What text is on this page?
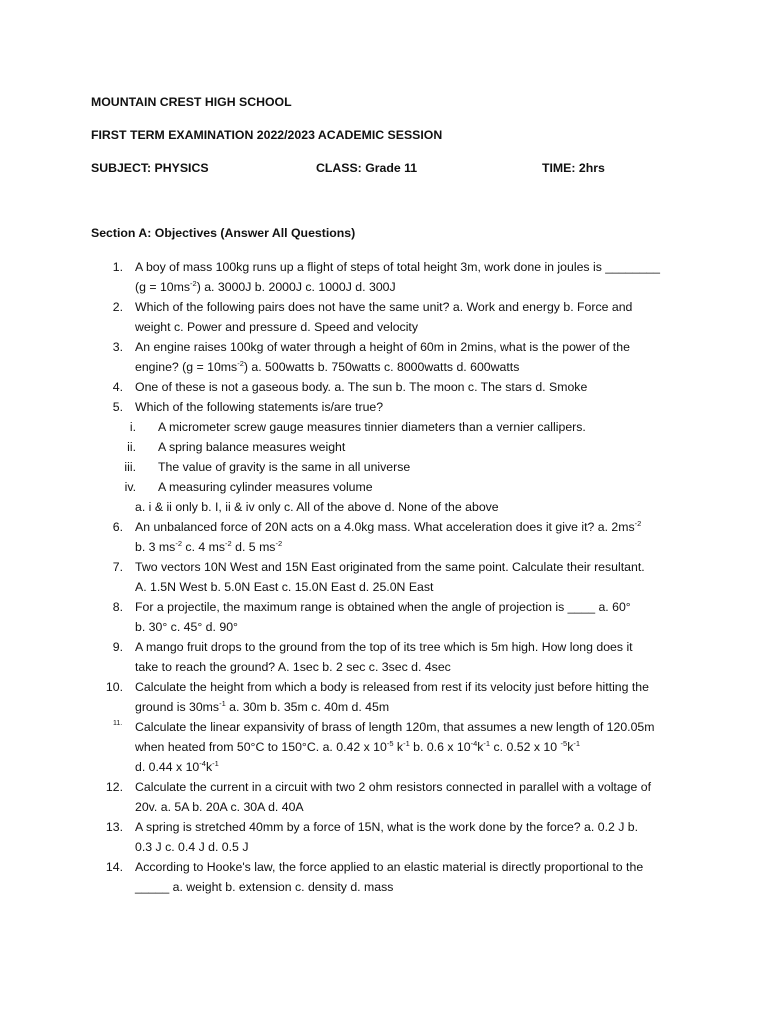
MOUNTAIN CREST HIGH SCHOOL
FIRST TERM EXAMINATION 2022/2023 ACADEMIC SESSION
SUBJECT: PHYSICS	CLASS: Grade 11	TIME: 2hrs
Section A: Objectives (Answer All Questions)
1. A boy of mass 100kg runs up a flight of steps of total height 3m, work done in joules is ________
$(g = 10ms^{-2})$ a. 3000J b. 2000J c. 1000J d. 300J
2. Which of the following pairs does not have the same unit? a. Work and energy b. Force and
weight c. Power and pressure d. Speed and velocity
3. An engine raises 100kg of water through a height of 60m in 2mins, what is the power of the
engine? $(g = 10ms^{-2})$ a. 500watts b. 750watts c. 8000watts d. 600watts
4. One of these is not a gaseous body. a. The sun b. The moon c. The stars d. Smoke
5. Which of the following statements is/are true?
i. A micrometer screw gauge measures tinnier diameters than a vernier callipers.
ii. A spring balance measures weight
iii. The value of gravity is the same in all universe
iv. A measuring cylinder measures volume
a. i & ii only b. I, ii & iv only c. All of the above d. None of the above
6. An unbalanced force of 20N acts on a 4.0kg mass. What acceleration does it give it? a. $2ms^{-2}$
b. 3 $ms^{-2}$ c. 4 $ms^{-2}$ d. 5 $ms^{-2}$
7. Two vectors 10N West and 15N East originated from the same point. Calculate their resultant.
A. 1.5N West b. 5.0N East c. 15.0N East d. 25.0N East
8. For a projectile, the maximum range is obtained when the angle of projection is ____ a. 60°
b. 30° c. 45° d. 90°
9. A mango fruit drops to the ground from the top of its tree which is 5m high. How long does it
take to reach the ground? A. 1sec b. 2 sec c. 3sec d. 4sec
10. Calculate the height from which a body is released from rest if its velocity just before hitting the
ground is $30ms^{-1}$ a. 30m b. 35m c. 40m d. 45m
11.	Calculate the linear expansivity of brass of length 120m, that assumes a new length of 120.05m
when heated from 50°C to 150°C. a. 0.42 x $10^{-5}$ $k^{-1}$ b. 0.6 x $10^{-4}k^{-1}$ c. 0.52 x 10 $^{-5}k^{-1}$
d. 0.44 x $10^{-4}k^{-1}$
12. Calculate the current in a circuit with two 2 ohm resistors connected in parallel with a voltage of
20v. a. 5A b. 20A c. 30A d. 40A
13. A spring is stretched 40mm by a force of 15N, what is the work done by the force? a. 0.2 J b.
0.3 J c. 0.4 J d. 0.5 J
14. According to Hooke's law, the force applied to an elastic material is directly proportional to the
_____ a. weight b. extension c. density d. mass
